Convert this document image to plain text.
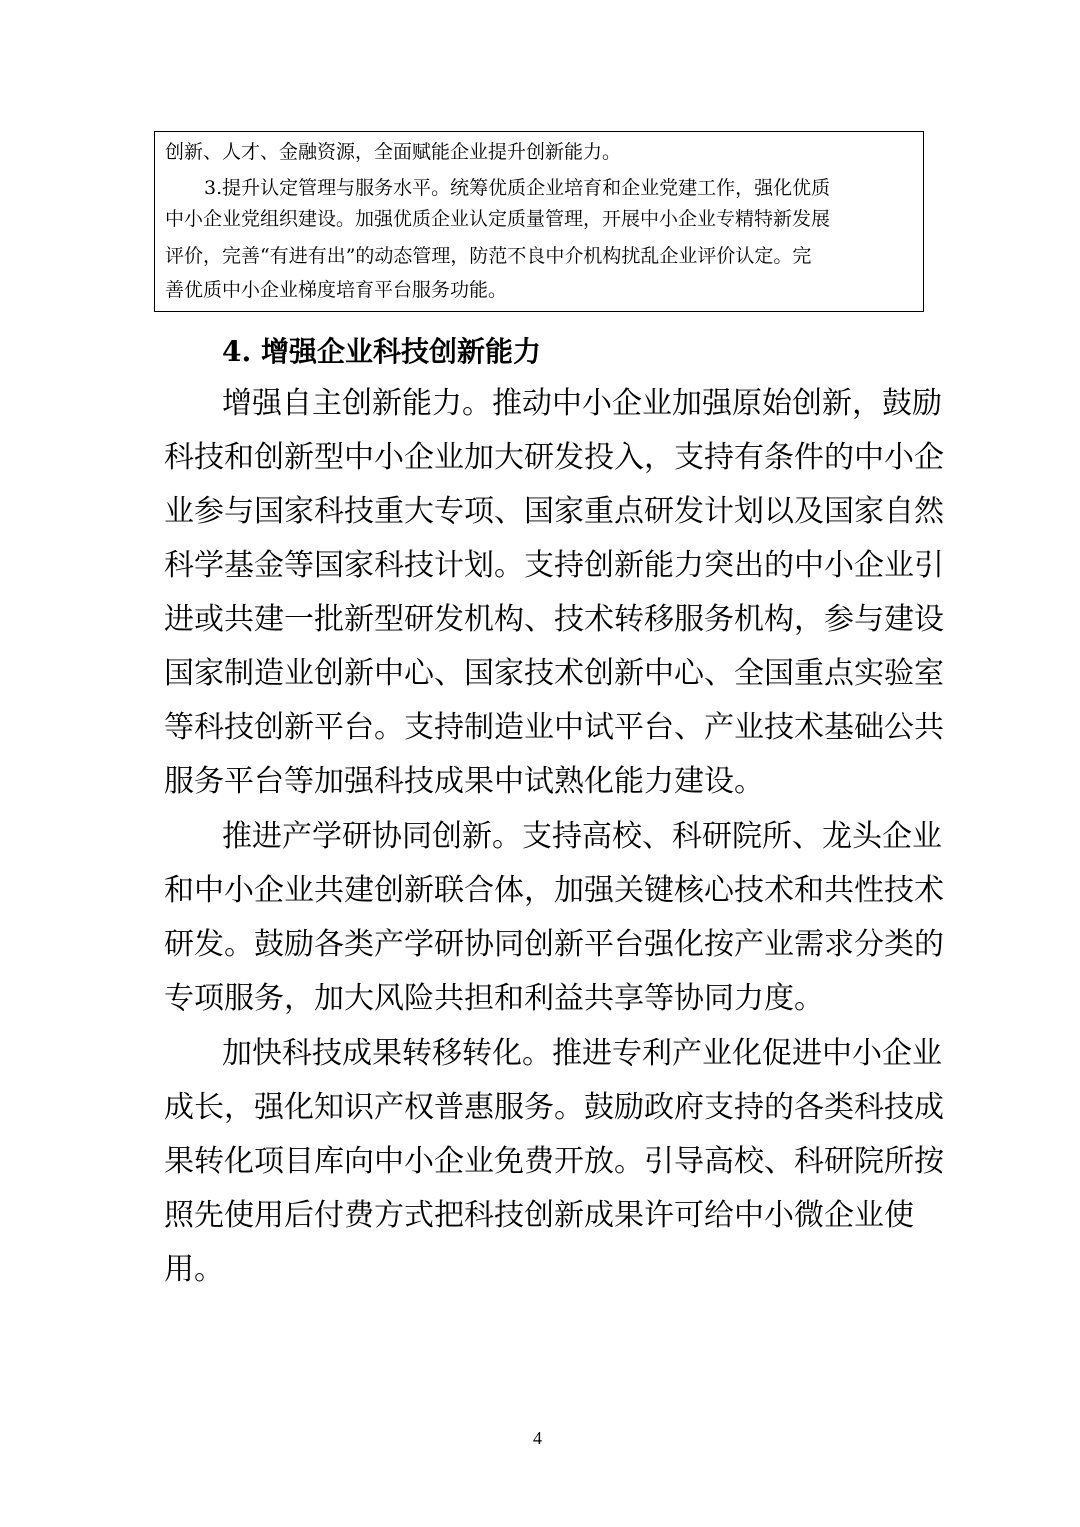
创新、人才、金融资源，全面赋能企业提升创新能力。
3.提升认定管理与服务水平。统筹优质企业培育和企业党建工作，强化优质
中小企业党组织建设。加强优质企业认定质量管理，开展中小企业专精特新发展
评价，完善“有进有出”的动态管理，防范不良中介机构扰乱企业评价认定。完
善优质中小企业梯度培育平台服务功能。
4. 增强企业科技创新能力
增强自主创新能力。推动中小企业加强原始创新，鼓励
科技和创新型中小企业加大研发投入，支持有条件的中小企
业参与国家科技重大专项、国家重点研发计划以及国家自然
科学基金等国家科技计划。支持创新能力突出的中小企业引
进或共建一批新型研发机构、技术转移服务机构，参与建设
国家制造业创新中心、国家技术创新中心、全国重点实验室
等科技创新平台。支持制造业中试平台、产业技术基础公共
服务平台等加强科技成果中试熟化能力建设。
推进产学研协同创新。支持高校、科研院所、龙头企业
和中小企业共建创新联合体，加强关键核心技术和共性技术
研发。鼓励各类产学研协同创新平台强化按产业需求分类的
专项服务，加大风险共担和利益共享等协同力度。
加快科技成果转移转化。推进专利产业化促进中小企业
成长，强化知识产权普惠服务。鼓励政府支持的各类科技成
果转化项目库向中小企业免费开放。引导高校、科研院所按
照先使用后付费方式把科技创新成果许可给中小微企业使
用。
4
